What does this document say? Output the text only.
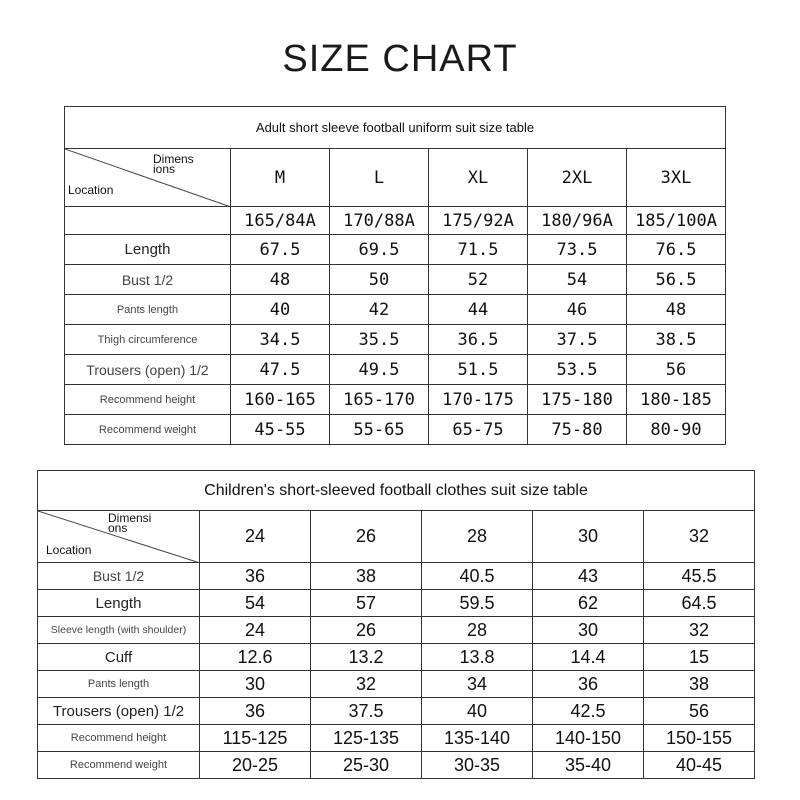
SIZE CHART
Adult short sleeve football uniform suit size table					

Dimens
ions
Location	M	L	XL	2XL	3XL
	165/84A	170/88A	175/92A	180/96A	185/100A
Length	67.5	69.5	71.5	73.5	76.5
Bust 1/2	48	50	52	54	56.5
Pants length	40	42	44	46	48
Thigh circumference	34.5	35.5	36.5	37.5	38.5
Trousers (open) 1/2	47.5	49.5	51.5	53.5	56
Recommend height	160-165	165-170	170-175	175-180	180-185
Recommend weight	45-55	55-65	65-75	75-80	80-90
Children's short-sleeved football clothes suit size table					

Dimensi
ons
Location	24	26	28	30	32
Bust 1/2	36	38	40.5	43	45.5
Length	54	57	59.5	62	64.5
Sleeve length (with shoulder)	24	26	28	30	32
Cuff	12.6	13.2	13.8	14.4	15
Pants length	30	32	34	36	38
Trousers (open) 1/2	36	37.5	40	42.5	56
Recommend height	115-125	125-135	135-140	140-150	150-155
Recommend weight	20-25	25-30	30-35	35-40	40-45
